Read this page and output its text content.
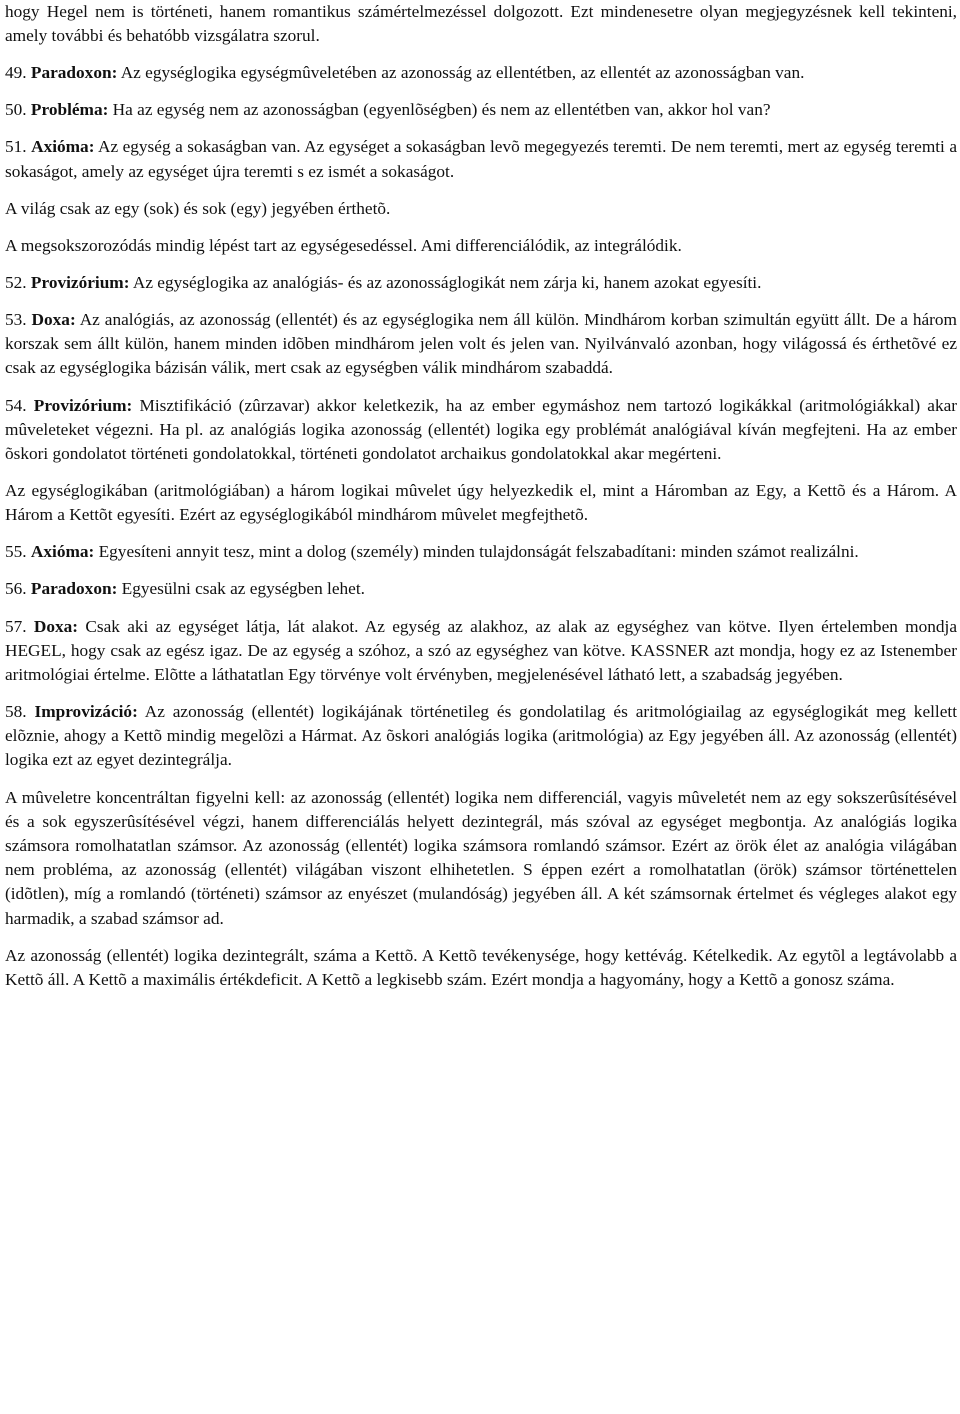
hogy Hegel nem is történeti, hanem romantikus számértelmezéssel dolgozott. Ezt mindenesetre olyan megjegyzésnek kell tekinteni, amely további és behatóbb vizsgálatra szorul.

49. Paradoxon: Az egységlogika egységmûveletében az azonosság az ellentétben, az ellentét az azonosságban van.

50. Probléma: Ha az egység nem az azonosságban (egyenlõségben) és nem az ellentétben van, akkor hol van?

51. Axióma: Az egység a sokaságban van. Az egységet a sokaságban levõ megegyezés teremti. De nem teremti, mert az egység teremti a sokaságot, amely az egységet újra teremti s ez ismét a sokaságot.

A világ csak az egy (sok) és sok (egy) jegyében érthetõ.

A megsokszorozódás mindig lépést tart az egységesedéssel. Ami differenciálódik, az integrálódik.

52. Provizórium: Az egységlogika az analógiás- és az azonosságlogikát nem zárja ki, hanem azokat egyesíti.

53. Doxa: Az analógiás, az azonosság (ellentét) és az egységlogika nem áll külön. Mindhárom korban szimultán együtt állt. De a három korszak sem állt külön, hanem minden idõben mindhárom jelen volt és jelen van. Nyilvánvaló azonban, hogy világossá és érthetõvé ez csak az egységlogika bázisán válik, mert csak az egységben válik mindhárom szabaddá.

54. Provizórium: Misztifikáció (zûrzavar) akkor keletkezik, ha az ember egymáshoz nem tartozó logikákkal (aritmológiákkal) akar mûveleteket végezni. Ha pl. az analógiás logika azonosság (ellentét) logika egy problémát analógiával kíván megfejteni. Ha az ember õskori gondolatot történeti gondolatokkal, történeti gondolatot archaikus gondolatokkal akar megérteni.

Az egységlogikában (aritmológiában) a három logikai mûvelet úgy helyezkedik el, mint a Háromban az Egy, a Kettõ és a Három. A Három a Kettõt egyesíti. Ezért az egységlogikából mindhárom mûvelet megfejthetõ.

55. Axióma: Egyesíteni annyit tesz, mint a dolog (személy) minden tulajdonságát felszabadítani: minden számot realizálni.

56. Paradoxon: Egyesülni csak az egységben lehet.

57. Doxa: Csak aki az egységet látja, lát alakot. Az egység az alakhoz, az alak az egységhez van kötve. Ilyen értelemben mondja HEGEL, hogy csak az egész igaz. De az egység a szóhoz, a szó az egységhez van kötve. KASSNER azt mondja, hogy ez az Istenember aritmológiai értelme. Elõtte a láthatatlan Egy törvénye volt érvényben, megjelenésével látható lett, a szabadság jegyében.

58. Improvizáció: Az azonosság (ellentét) logikájának történetileg és gondolatilag és aritmológiailag az egységlogikát meg kellett elõznie, ahogy a Kettõ mindig megelõzi a Hármat. Az õskori analógiás logika (aritmológia) az Egy jegyében áll. Az azonosság (ellentét) logika ezt az egyet dezintegrálja.

A mûveletre koncentráltan figyelni kell: az azonosság (ellentét) logika nem differenciál, vagyis mûveletét nem az egy sokszerûsítésével és a sok egyszerûsítésével végzi, hanem differenciálás helyett dezintegrál, más szóval az egységet megbontja. Az analógiás logika számsora romolhatatlan számsor. Az azonosság (ellentét) logika számsora romlandó számsor. Ezért az örök élet az analógia világában nem probléma, az azonosság (ellentét) világában viszont elhihetetlen. S éppen ezért a romolhatatlan (örök) számsor történettelen (idõtlen), míg a romlandó (történeti) számsor az enyészet (mulandóság) jegyében áll. A két számsornak értelmet és végleges alakot egy harmadik, a szabad számsor ad.

Az azonosság (ellentét) logika dezintegrált, száma a Kettõ. A Kettõ tevékenysége, hogy kettévág. Kételkedik. Az egytõl a legtávolabb a Kettõ áll. A Kettõ a maximális értékdeficit. A Kettõ a legkisebb szám. Ezért mondja a hagyomány, hogy a Kettõ a gonosz száma.
